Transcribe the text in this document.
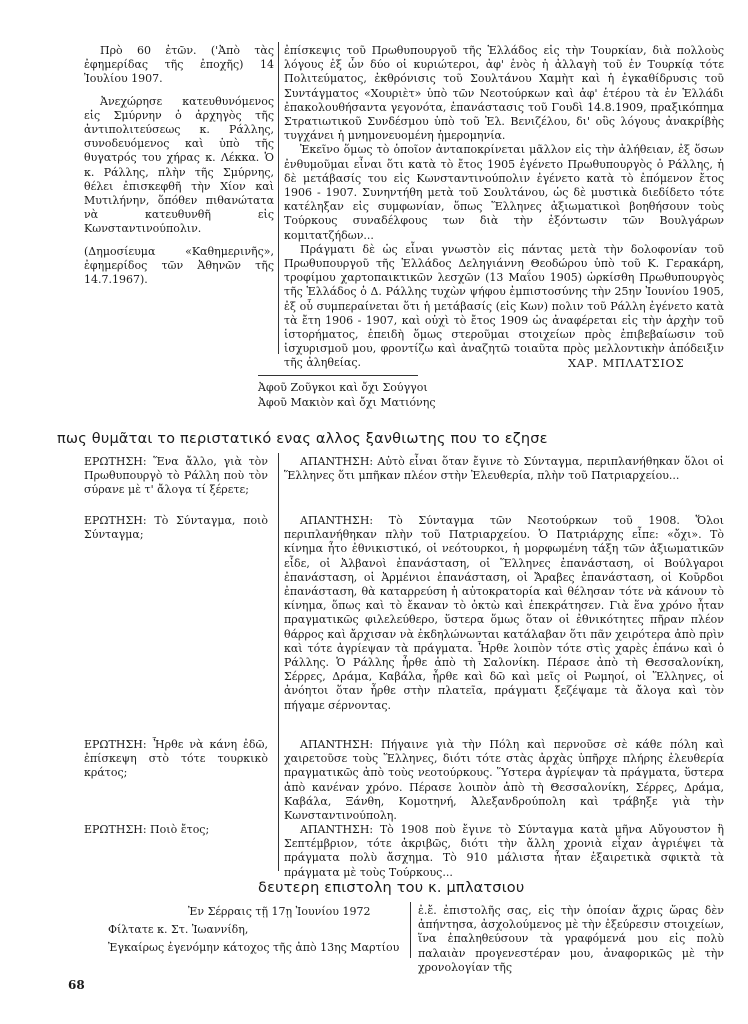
Πρὸ 60 ἐτῶν. ('Ἀπὸ τὰς ἐφημερίδας τῆς ἐποχῆς) 14 Ἰουλίου 1907.

Ἀνεχώρησε κατευθυνόμενος εἰς Σμύρνην ὁ ἀρχηγὸς τῆς ἀντιπολιτεύσεως κ. Ράλλης, συνοδευόμενος καὶ ὑπὸ τῆς θυγατρός του χήρας κ. Λέκκα. Ὁ κ. Ράλλης, πλὴν τῆς Σμύρνης, θέλει ἐπισκεφθῆ τὴν Χίον καὶ Μυτιλήνην, ὅπόθεν πιθανώτατα νὰ κατευθυνθῆ εἰς Κωνσταντινούπολιν.

(Δημοσίευμα «Καθημερινῆς», ἐφημερίδος τῶν Ἀθηνῶν τῆς 14.7.1967).

ἐπίσκεψις τοῦ Πρωθυπουργοῦ τῆς Ἑλλάδος εἰς τὴν Τουρκίαν, διὰ πολλοὺς λόγους ἐξ ὧν δύο οἱ κυριώτεροι, ἀφ' ἑνὸς ἡ ἀλλαγὴ τοῦ ἐν Τουρκίᾳ τότε Πολιτεύματος, ἐκθρόνισις τοῦ Σουλτάνου Χαμὴτ καὶ ἡ ἐγκαθίδρυσις τοῦ Συντάγματος «Χουριὲτ» ὑπὸ τῶν Νεοτούρκων καὶ ἀφ' ἑτέρου τὰ ἐν Ἑλλάδι ἐπακολουθήσαντα γεγονότα, ἐπανάστασις τοῦ Γουδὶ 14.8.1909, πραξικόπημα Στρατιωτικοῦ Συνδέσμου ὑπὸ τοῦ Ἐλ. Βενιζέλου, δι' οὓς λόγους ἀνακρίβὴς τυγχάνει ἡ μνημονευομένη ἡμερομηνία.

Ἐκεῖνο ὅμως τὸ ὁποῖον ἀνταποκρίνεται μᾶλλον εἰς τὴν ἀλήθειαν, ἐξ ὅσων ἐνθυμοῦμαι εἶναι ὅτι κατὰ τὸ ἔτος 1905 ἐγένετο Πρωθυπουργὸς ὁ Ράλλης, ἡ δὲ μετάβασίς του εἰς Κωνσταντινούπολιν ἐγένετο κατὰ τὸ ἐπόμενον ἔτος 1906 - 1907. Συνηντήθη μετὰ τοῦ Σουλτάνου, ὡς δὲ μυστικὰ διεδίδετο τότε κατέληξαν εἰς συμφωνίαν, ὅπως Ἕλληνες ἀξιωματικοὶ βοηθήσουν τοὺς Τούρκους συναδέλφους των διὰ τὴν ἐξόντωσιν τῶν Βουλγάρων κομιτατζήδων...

Πράγματι δὲ ὡς εἶναι γνωστὸν εἰς πάντας μετὰ τὴν δολοφονίαν τοῦ Πρωθυπουργοῦ τῆς Ἑλλάδος Δεληγιάννη Θεοδώρου ὑπὸ τοῦ Κ. Γερακάρη, τροφίμου χαρτοπαικτικῶν λεσχῶν (13 Μαΐου 1905) ὡρκίσθη Πρωθυπουργὸς τῆς Ἑλλάδος ὁ Δ. Ράλλης τυχὼν ψήφου ἐμπιστοσύνης τὴν 25ην Ἰουνίου 1905, ἐξ οὗ συμπεραίνεται ὅτι ἡ μετάβασίς (εἰς Κων) πολιν τοῦ Ράλλη ἐγένετο κατὰ τὰ ἔτη 1906 - 1907, καὶ οὐχὶ τὸ ἔτος 1909 ὡς ἀναφέρεται εἰς τὴν ἀρχὴν τοῦ ἱστορήματος, ἐπειδὴ ὅμως στεροῦμαι στοιχείων πρὸς ἐπιβεβαίωσιν τοῦ ἰσχυρισμοῦ μου, φροντίζω καὶ ἀναζητῶ τοιαῦτα πρὸς μελλοντικὴν ἀπόδειξιν τῆς ἀληθείας.	ΧΑΡ. ΜΠΛΑΤΣΙΟΣ

Ἀφοῦ Ζοῦγκοι καὶ ὄχι Σούγγοι

Ἀφοῦ Μακιὸν καὶ ὄχι Ματιόνης

πως θυμᾶται το περιστατικό ενας αλλος ξανθιωτης που το εζησε
ΕΡΩΤΗΣΗ: Ἕνα ἄλλο, γιὰ τὸν Πρωθυπουργὸ τὸ Ράλλη ποὺ τὸν σύρανε μὲ τ' ἄλογα τί ξέρετε;
ΑΠΑΝΤΗΣΗ: Αὐτὸ εἶναι ὅταν ἔγινε τὸ Σύνταγμα, περιπλανήθηκαν ὅλοι οἱ Ἕλληνες ὅτι μπῆκαν πλέον στὴν Ἐλευθερία, πλὴν τοῦ Πατριαρχείου...
ΕΡΩΤΗΣΗ: Τὸ Σύνταγμα, ποιὸ Σύνταγμα;
ΑΠΑΝΤΗΣΗ: Τὸ Σύνταγμα τῶν Νεοτούρκων τοῦ 1908. Ὅλοι περιπλανήθηκαν πλὴν τοῦ Πατριαρχείου. Ὁ Πατριάρχης εἶπε: «ὄχι». Τὸ κίνημα ἦτο ἐθνικιστικό, οἱ νεότουρκοι, ἡ μορφωμένη τάξη τῶν ἀξιωματικῶν εἶδε, οἱ Ἀλβανοὶ ἐπανάσταση, οἱ Ἕλληνες ἐπανάσταση, οἱ Βούλγαροι ἐπανάσταση, οἱ Ἀρμένιοι ἐπανάσταση, οἱ Ἄραβες ἐπανάσταση, οἱ Κοῦρδοι ἐπανάσταση, θὰ καταρρεύση ἡ αὐτοκρατορία καὶ θέλησαν τότε νὰ κάνουν τὸ κίνημα, ὅπως καὶ τὸ ἔκαναν τὸ ὀκτὼ καὶ ἐπεκράτησεν. Γιὰ ἕνα χρόνο ἦταν πραγματικῶς φιλελεύθερο, ὕστερα ὅμως ὅταν οἱ ἐθνικότητες πῆραν πλέον θάρρος καὶ ἄρχισαν νὰ ἐκδηλώνωνται κατάλαβαν ὅτι πᾶν χειρότερα ἀπὸ πρὶν καὶ τότε ἀγρίεψαν τὰ πράγματα. Ἦρθε λοιπὸν τότε στὶς χαρὲς ἐπάνω καὶ ὁ Ράλλης. Ὁ Ράλλης ἦρθε ἀπὸ τὴ Σαλονίκη. Πέρασε ἀπὸ τὴ Θεσσαλονίκη, Σέρρες, Δράμα, Καβάλα, ἦρθε καὶ δῶ καὶ μεῖς οἱ Ρωμηοί, οἱ Ἕλληνες, οἱ ἀνόητοι ὅταν ἦρθε στὴν πλατεῖα, πράγματι ξεζέψαμε τὰ ἄλογα καὶ τὸν πήγαμε σέρνοντας.
ΕΡΩΤΗΣΗ: Ἦρθε νὰ κάνη ἐδῶ, ἐπίσκεψη στὸ τότε τουρκικὸ κράτος;
ΑΠΑΝΤΗΣΗ: Πήγαινε γιὰ τὴν Πόλη καὶ περνοῦσε σὲ κάθε πόλη καὶ χαιρετοῦσε τοὺς Ἕλληνες, διότι τότε στὰς ἀρχὰς ὑπῆρχε πλήρης ἐλευθερία πραγματικῶς ἀπὸ τοὺς νεοτούρκους. Ὕστερα ἀγρίεψαν τὰ πράγματα, ὕστερα ἀπὸ κανέναν χρόνο. Πέρασε λοιπὸν ἀπὸ τὴ Θεσσαλονίκη, Σέρρες, Δράμα, Καβάλα, Ξάνθη, Κομοτηνή, Ἀλεξανδρούπολη καὶ τράβηξε γιὰ τὴν Κωνσταντινούπολη.
ΕΡΩΤΗΣΗ: Ποιὸ ἔτος;	ΑΠΑΝΤΗΣΗ: Τὸ 1908 ποὺ ἔγινε τὸ Σύνταγμα κατὰ μῆνα Αὔγουστον ἢ Σεπτέμβριον, τότε ἀκριβῶς, διότι τὴν ἄλλη χρονιὰ εἶχαν ἀγριέψει τὰ πράγματα πολὺ ἄσχημα. Τὸ 910 μάλιστα ἦταν ἐξαιρετικὰ σφικτὰ τὰ πράγματα μὲ τοὺς Τούρκους...
δευτερη επιστολη του κ. μπλατσιου
Ἐν Σέρραις τῇ 17ῃ Ἰουνίου 1972
Φίλτατε κ. Στ. Ἰωαννίδη,
Ἐγκαίρως ἐγενόμην κάτοχος τῆς ἀπὸ 13ης Μαρτίου
ἐ.ἔ. ἐπιστολῆς σας, εἰς τὴν ὁποίαν ἄχρις ὥρας δὲν ἀπήντησα, ἀσχολούμενος μὲ τὴν ἐξεύρεσιν στοιχείων, ἵνα ἐπαληθεύσουν τὰ γραφόμενά μου εἰς πολὺ παλαιὰν προγενεστέραν μου, ἀναφορικῶς μὲ τὴν χρονολογίαν τῆς
68
